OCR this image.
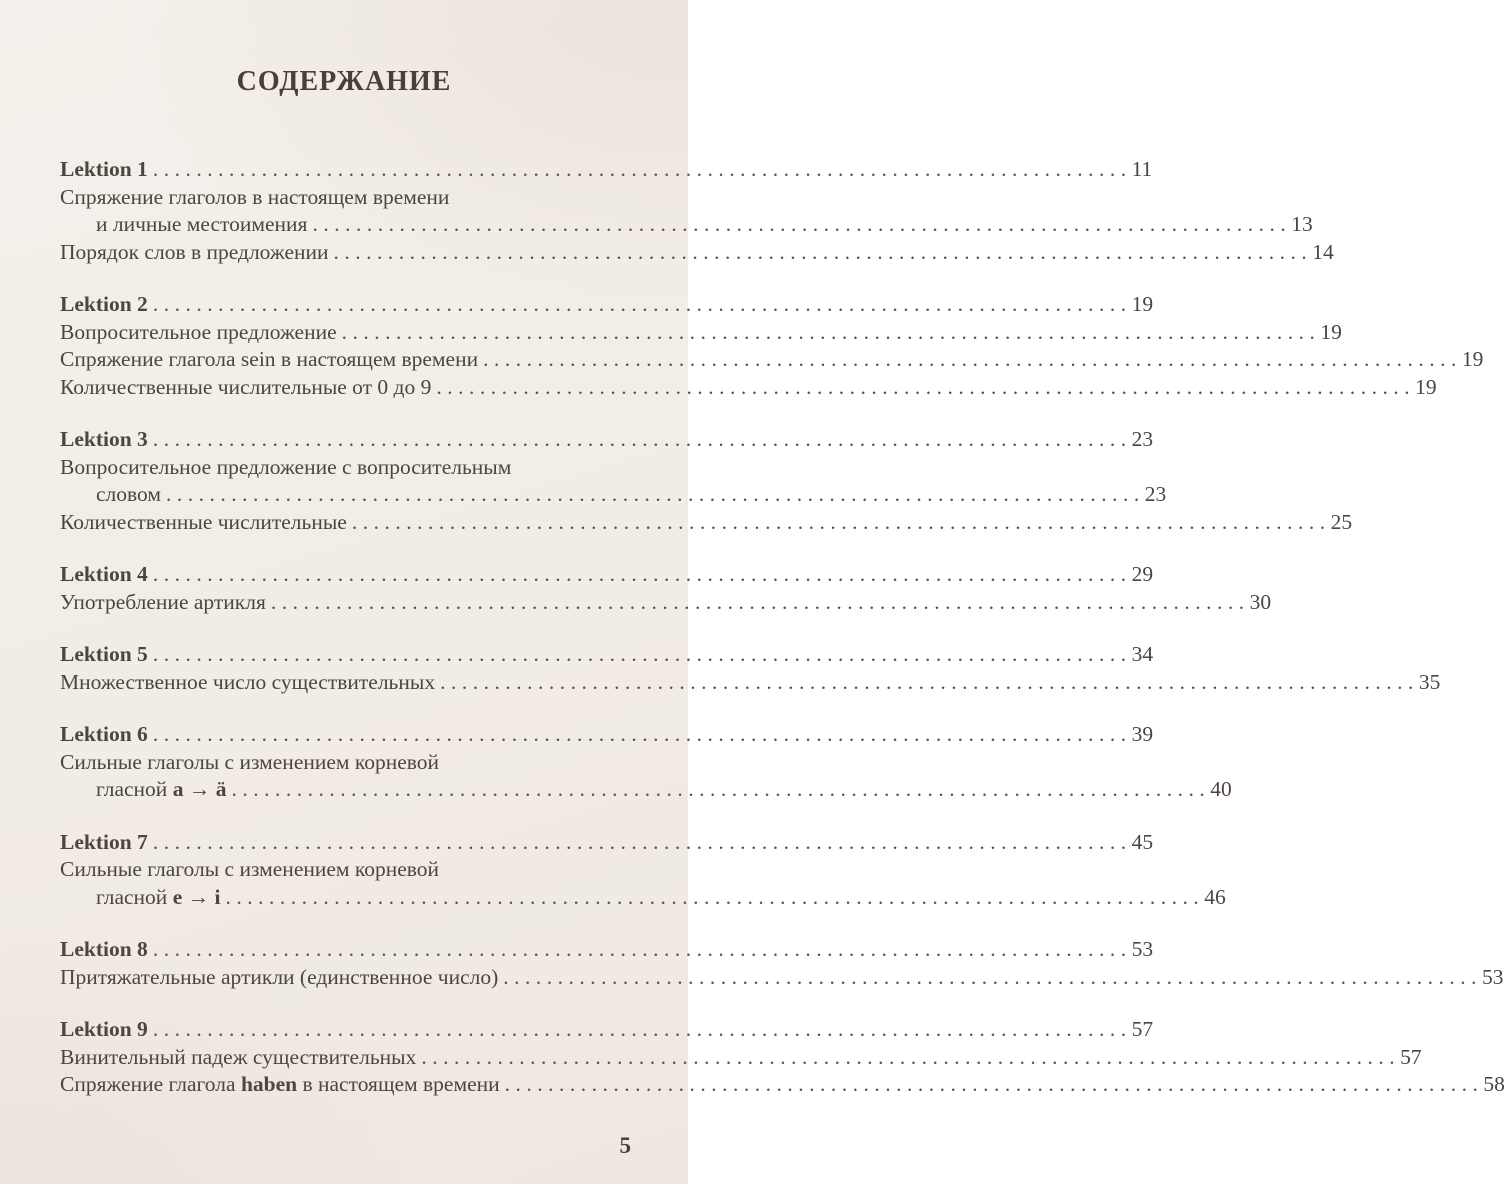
СОДЕРЖАНИЕ
Lektion 1 .......................................................................................... 11
Спряжение глаголов в настоящем времени
и личные местоимения .......................................................................................... 13
Порядок слов в предложении .......................................................................................... 14
Lektion 2 .......................................................................................... 19
Вопросительное предложение .......................................................................................... 19
Спряжение глагола sein в настоящем времени .......................................................................................... 19
Количественные числительные от 0 до 9 .......................................................................................... 19
Lektion 3 .......................................................................................... 23
Вопросительное предложение с вопросительным
словом .......................................................................................... 23
Количественные числительные .......................................................................................... 25
Lektion 4 .......................................................................................... 29
Употребление артикля .......................................................................................... 30
Lektion 5 .......................................................................................... 34
Множественное число существительных .......................................................................................... 35
Lektion 6 .......................................................................................... 39
Сильные глаголы с изменением корневой
гласной a → ä .......................................................................................... 40
Lektion 7 .......................................................................................... 45
Сильные глаголы с изменением корневой
гласной e → i .......................................................................................... 46
Lektion 8 .......................................................................................... 53
Притяжательные артикли (единственное число) .......................................................................................... 53
Lektion 9 .......................................................................................... 57
Винительный падеж существительных .......................................................................................... 57
Спряжение глагола haben в настоящем времени .......................................................................................... 58
5
